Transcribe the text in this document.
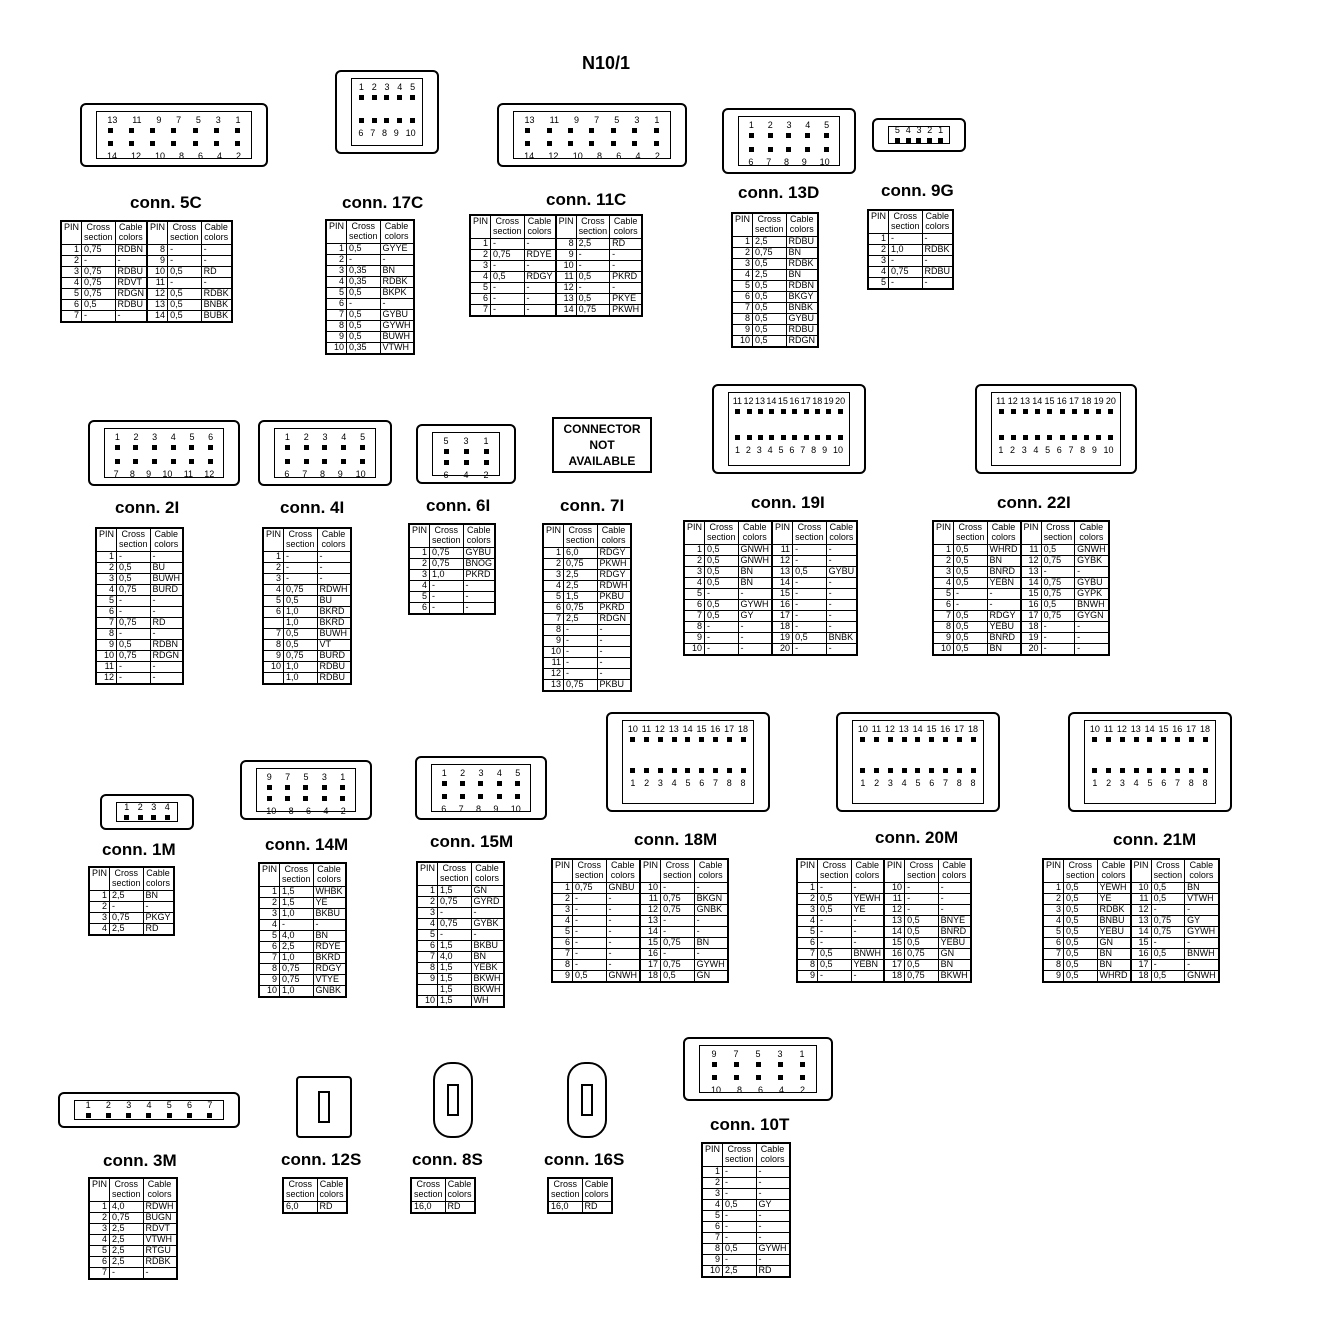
N10/1
CONNECTOR
NOT
AVAILABLE
13 11 9 7 5 3 1
14 12 10 8 6 4 2
conn. 5C
PIN	Cross
section	Cable
colors	PIN	Cross
section	Cable
colors
1	0,75	RDBN	8	-	-
2	-	-	9	-	-
3	0,75	RDBU	10	0,5	RD
4	0,75	RDVT	11	-	-
5	0,75	RDGN	12	0,5	RDBK
6	0,5	RDBU	13	0,5	BNBK
7	-	-	14	0,5	BUBK
1 2 3 4 5
6 7 8 9 10
conn. 17C
PIN	Cross
section	Cable
colors
1	0,5	GYYE
2	-	-
3	0,35	BN
4	0,35	RDBK
5	0,5	BKPK
6	-	-
7	0,5	GYBU
8	0,5	GYWH
9	0,5	BUWH
10	0,35	VTWH
13 11 9 7 5 3 1
14 12 10 8 6 4 2
conn. 11C
PIN	Cross
section	Cable
colors	PIN	Cross
section	Cable
colors
1	-	-	8	2,5	RD
2	0,75	RDYE	9	-	-
3	-	-	10	-	-
4	0,5	RDGY	11	0,5	PKRD
5	-	-	12	-	-
6	-	-	13	0,5	PKYE
7	-	-	14	0,75	PKWH
1 2 3 4 5
6 7 8 9 10
conn. 13D
PIN	Cross
section	Cable
colors
1	2,5	RDBU
2	0,75	BN
3	0,5	RDBK
4	2,5	BN
5	0,5	RDBN
6	0,5	BKGY
7	0,5	BNBK
8	0,5	GYBU
9	0,5	RDBU
10	0,5	RDGN
5 4 3 2 1
conn. 9G
PIN	Cross
section	Cable
colors
1	-	-
2	1,0	RDBK
3	-	-
4	0,75	RDBU
5	-	-
1 2 3 4 5 6
7 8 9 10 11 12
conn. 2I
PIN	Cross
section	Cable
colors
1	-	-
2	0,5	BU
3	0,5	BUWH
4	0,75	BURD
5	-	-
6	-	-
7	0,75	RD
8	-	-
9	0,5	RDBN
10	0,75	RDGN
11	-	-
12	-	-
1 2 3 4 5
6 7 8 9 10
conn. 4I
PIN	Cross
section	Cable
colors
1	-	-
2	-	-
3	-	-
4	0,75	RDWH
5	0,5	BU
6	1,0	BKRD
	1,0	BKRD
7	0,5	BUWH
8	0,5	VT
9	0,75	BURD
10	1,0	RDBU
	1,0	RDBU
5 3 1
6 4 2
conn. 6I
PIN	Cross
section	Cable
colors
1	0,75	GYBU
2	0,75	BNOG
3	1,0	PKRD
4	-	-
5	-	-
6	-	-
conn. 7I
PIN	Cross
section	Cable
colors
1	6,0	RDGY
2	0,75	PKWH
3	2,5	RDGY
4	2,5	RDWH
5	1,5	PKBU
6	0,75	PKRD
7	2,5	RDGN
8	-	-
9	-	-
10	-	-
11	-	-
12	-	-
13	0,75	PKBU
11 12 13 14 15 16 17 18 19 20
1 2 3 4 5 6 7 8 9 10
conn. 19I
PIN	Cross
section	Cable
colors	PIN	Cross
section	Cable
colors
1	0,5	GNWH	11	-	-
2	0,5	GNWH	12	-	-
3	0,5	BN	13	0,5	GYBU
4	0,5	BN	14	-	-
5	-	-	15	-	-
6	0,5	GYWH	16	-	-
7	0,5	GY	17	-	-
8	-	-	18	-	-
9	-	-	19	0,5	BNBK
10	-	-	20	-	-
11 12 13 14 15 16 17 18 19 20
1 2 3 4 5 6 7 8 9 10
conn. 22I
PIN	Cross
section	Cable
colors	PIN	Cross
section	Cable
colors
1	0,5	WHRD	11	0,5	GNWH
2	0,5	BN	12	0,75	GYBK
3	0,5	BNRD	13	-	-
4	0,5	YEBN	14	0,75	GYBU
5	-	-	15	0,75	GYPK
6	-	-	16	0,5	BNWH
7	0,5	RDGY	17	0,75	GYGN
8	0,5	YEBU	18	-	-
9	0,5	BNRD	19	-	-
10	0,5	BN	20	-	-
1 2 3 4
conn. 1M
PIN	Cross
section	Cable
colors
1	2,5	BN
2	-	-
3	0,75	PKGY
4	2,5	RD
9 7 5 3 1
10 8 6 4 2
conn. 14M
PIN	Cross
section	Cable
colors
1	1,5	WHBK
2	1,5	YE
3	1,0	BKBU
4	-	-
5	4,0	BN
6	2,5	RDYE
7	1,0	BKRD
8	0,75	RDGY
9	0,75	VTYE
10	1,0	GNBK
1 2 3 4 5
6 7 8 9 10
conn. 15M
PIN	Cross
section	Cable
colors
1	1,5	GN
2	0,75	GYRD
3	-	-
4	0,75	GYBK
5	-	-
6	1,5	BKBU
7	4,0	BN
8	1,5	YEBK
9	1,5	BKWH
	1,5	BKWH
10	1,5	WH
10 11 12 13 14 15 16 17 18
1 2 3 4 5 6 7 8 8
conn. 18M
PIN	Cross
section	Cable
colors	PIN	Cross
section	Cable
colors
1	0,75	GNBU	10	-	-
2	-	-	11	0,75	BKGN
3	-	-	12	0,75	GNBK
4	-	-	13	-	-
5	-	-	14	-	-
6	-	-	15	0,75	BN
7	-	-	16	-	-
8	-	-	17	0,75	GYWH
9	0,5	GNWH	18	0,5	GN
10 11 12 13 14 15 16 17 18
1 2 3 4 5 6 7 8 8
conn. 20M
PIN	Cross
section	Cable
colors	PIN	Cross
section	Cable
colors
1	-	-	10	-	-
2	0,5	YEWH	11	-	-
3	0,5	YE	12	-	-
4	-	-	13	0,5	BNYE
5	-	-	14	0,5	BNRD
6	-	-	15	0,5	YEBU
7	0,5	BNWH	16	0,75	GN
8	0,5	YEBN	17	0,5	BN
9	-	-	18	0,75	BKWH
10 11 12 13 14 15 16 17 18
1 2 3 4 5 6 7 8 8
conn. 21M
PIN	Cross
section	Cable
colors	PIN	Cross
section	Cable
colors
1	0,5	YEWH	10	0,5	BN
2	0,5	YE	11	0,5	VTWH
3	0,5	RDBK	12	-	-
4	0,5	BNBU	13	0,75	GY
5	0,5	YEBU	14	0,75	GYWH
6	0,5	GN	15	-	-
7	0,5	BN	16	0,5	BNWH
8	0,5	BN	17	-	-
9	0,5	WHRD	18	0,5	GNWH
1 2 3 4 5 6 7
conn. 3M
PIN	Cross
section	Cable
colors
1	4,0	RDWH
2	0,75	BUGN
3	2,5	RDVT
4	2,5	VTWH
5	2,5	RTGU
6	2,5	RDBK
7	-	-
conn. 12S
Cross
section	Cable
colors
6,0	RD
conn. 8S
Cross
section	Cable
colors
16,0	RD
conn. 16S
Cross
section	Cable
colors
16,0	RD
9 7 5 3 1
10 8 6 4 2
conn. 10T
PIN	Cross
section	Cable
colors
1	-	-
2	-	-
3	-	-
4	0,5	GY
5	-	-
6	-	-
7	-	-
8	0,5	GYWH
9	-	-
10	2,5	RD
